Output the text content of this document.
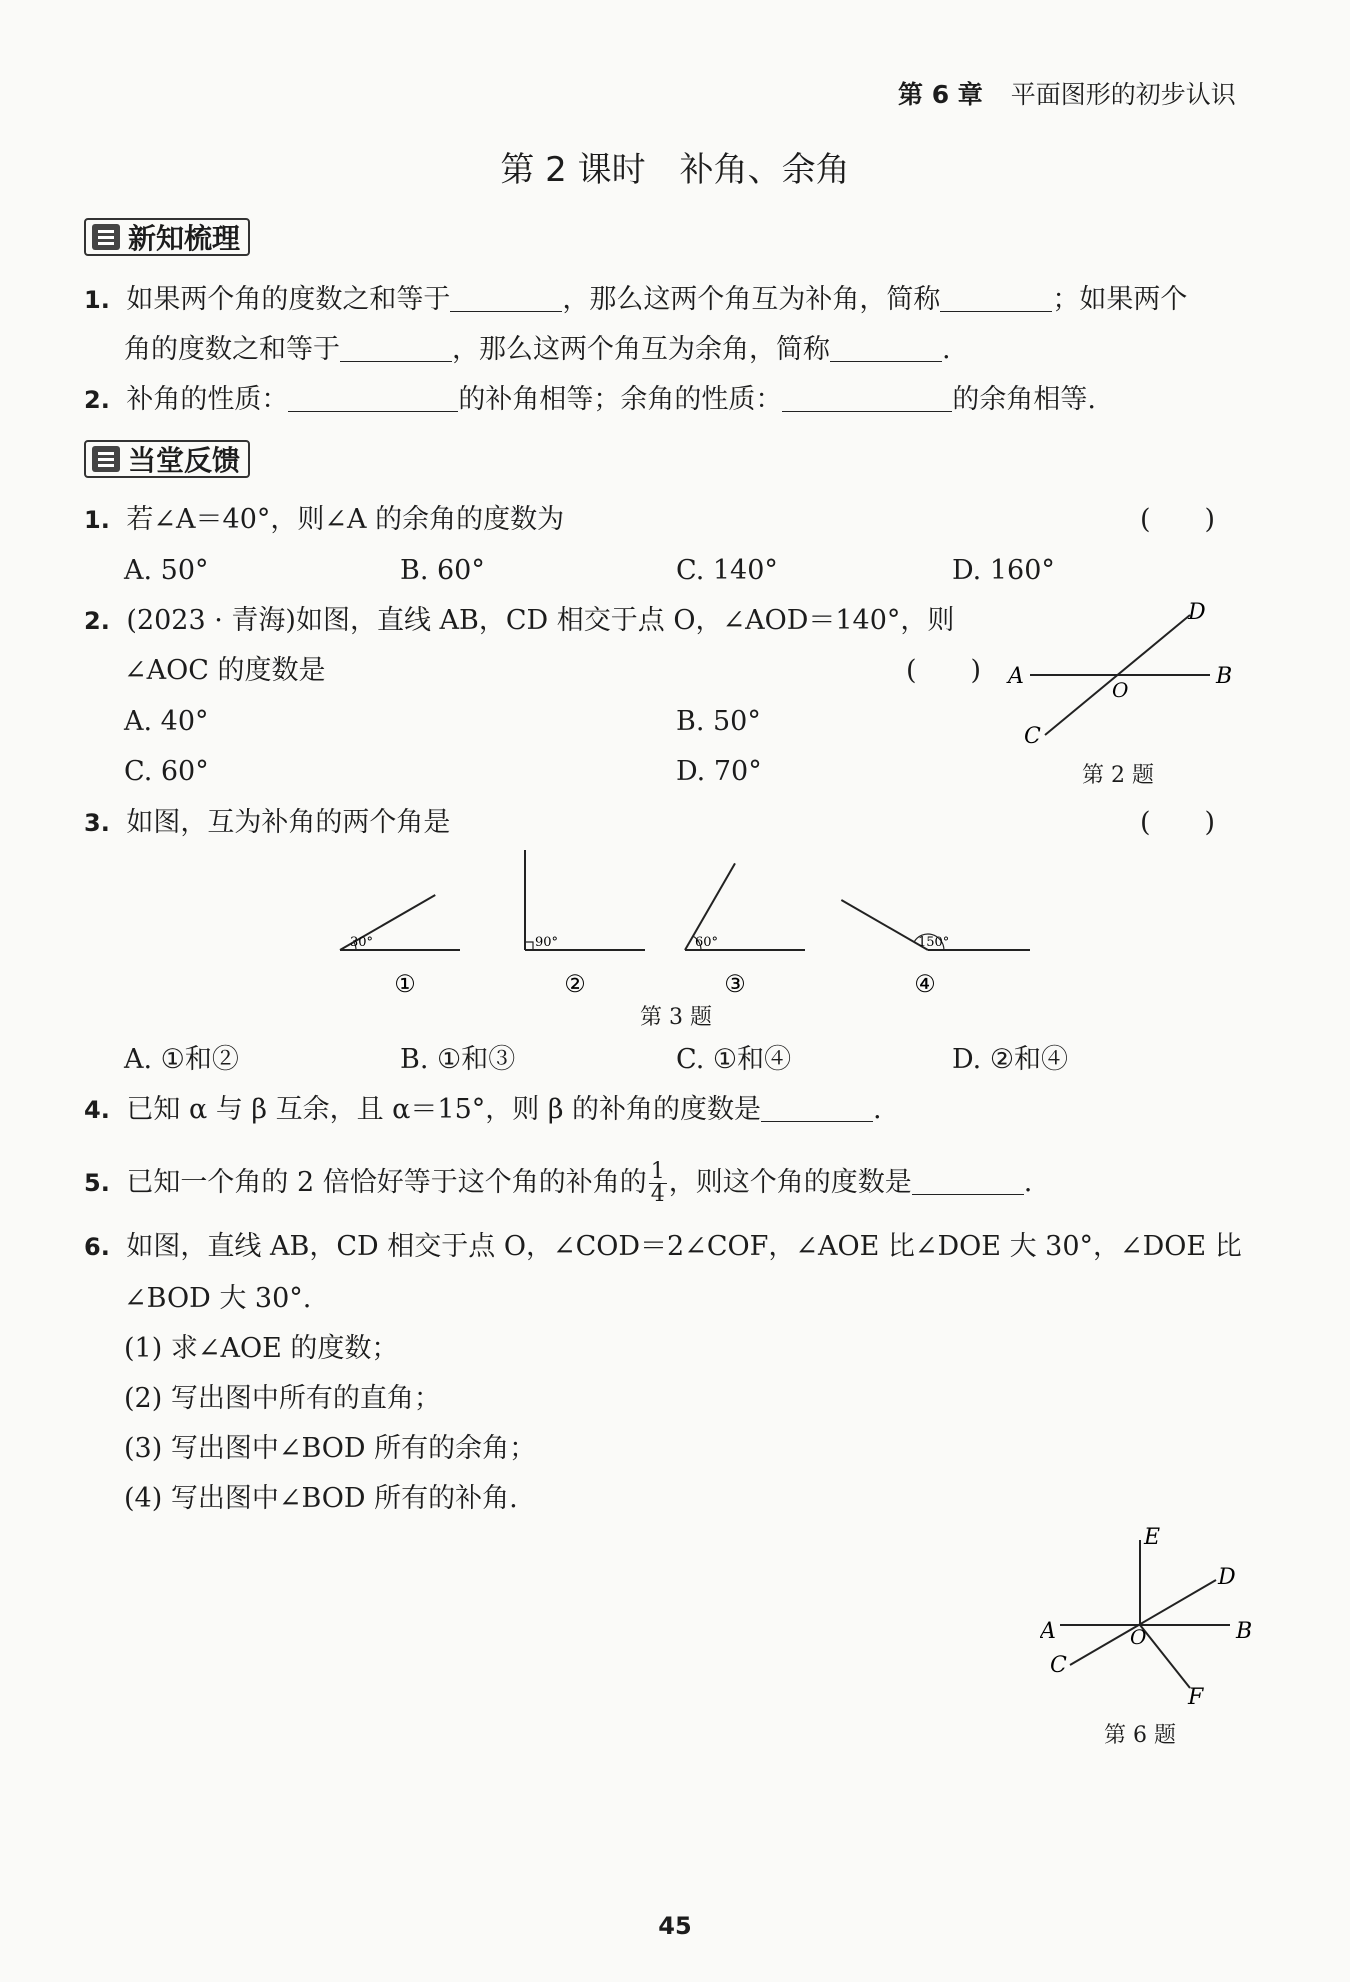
第 6 章 平面图形的初步认识
第 2 课时　补角、余角
新知梳理
1. 如果两个角的度数之和等于	，那么这两个角互为补角，简称	；如果两个
角的度数之和等于	，那么这两个角互为余角，简称	.
2. 补角的性质：	的补角相等；余角的性质：	的余角相等.
当堂反馈
1. 若∠A＝40°，则∠A 的余角的度数为	(　　)
A. 50°	B. 60°	C. 140°	D. 160°
2. (2023 · 青海)如图，直线 AB，CD 相交于点 O，∠AOD＝140°，则
∠AOC 的度数是	(　　)
A. 40°	B. 50°
C. 60°	D. 70°
A	B
C
D
O
第 2 题
3. 如图，互为补角的两个角是	(　　)
30°
①
90°
②
60°
③
150°
④
第 3 题
A. ①和②	B. ①和③	C. ①和④	D. ②和④
4. 已知 α 与 β 互余，且 α＝15°，则 β 的补角的度数是	.
5. 已知一个角的 2 倍恰好等于这个角的补角的 $\frac{1}{4}$ ，则这个角的度数是	.
6. 如图，直线 AB，CD 相交于点 O，∠COD＝2∠COF，∠AOE 比∠DOE 大 30°，∠DOE 比
∠BOD 大 30°.
(1) 求∠AOE 的度数；
(2) 写出图中所有的直角；
(3) 写出图中∠BOD 所有的余角；
(4) 写出图中∠BOD 所有的补角.
E
D
A	B
O
C
F
第 6 题
45
